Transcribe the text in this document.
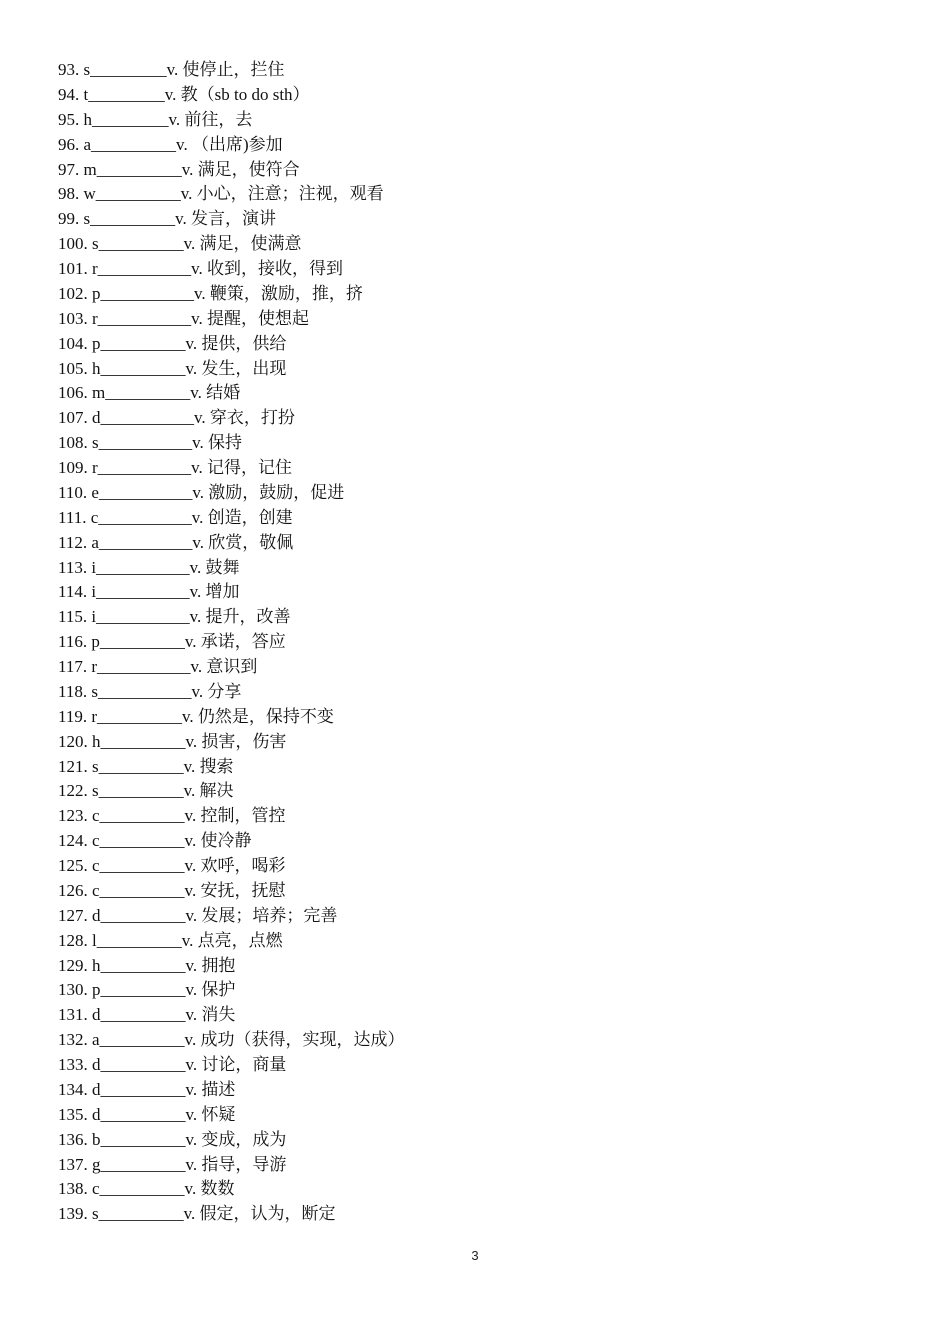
93. s_________v. 使停止，拦住
94. t_________v. 教（sb to do sth）
95. h_________v. 前往，去
96. a__________v. （出席)参加
97. m__________v. 满足，使符合
98. w__________v. 小心，注意；注视，观看
99. s__________v. 发言，演讲
100. s__________v. 满足，使满意
101. r___________v. 收到，接收，得到
102. p___________v. 鞭策，激励，推，挤
103. r___________v. 提醒，使想起
104. p__________v. 提供，供给
105. h__________v. 发生，出现
106. m__________v. 结婚
107. d___________v. 穿衣，打扮
108. s___________v. 保持
109. r___________v. 记得，记住
110. e___________v. 激励，鼓励，促进
111. c___________v. 创造，创建
112. a___________v. 欣赏，敬佩
113. i___________v. 鼓舞
114. i___________v. 增加
115. i___________v. 提升，改善
116. p__________v. 承诺，答应
117. r___________v. 意识到
118. s___________v. 分享
119. r__________v. 仍然是，保持不变
120. h__________v. 损害，伤害
121. s__________v. 搜索
122. s__________v. 解决
123. c__________v. 控制，管控
124. c__________v. 使冷静
125. c__________v. 欢呼，喝彩
126. c__________v. 安抚，抚慰
127. d__________v. 发展；培养；完善
128. l__________v. 点亮，点燃
129. h__________v. 拥抱
130. p__________v. 保护
131. d__________v. 消失
132. a__________v. 成功（获得，实现，达成）
133. d__________v. 讨论，商量
134. d__________v. 描述
135. d__________v. 怀疑
136. b__________v. 变成，成为
137. g__________v. 指导，导游
138. c__________v. 数数
139. s__________v. 假定，认为，断定
3
